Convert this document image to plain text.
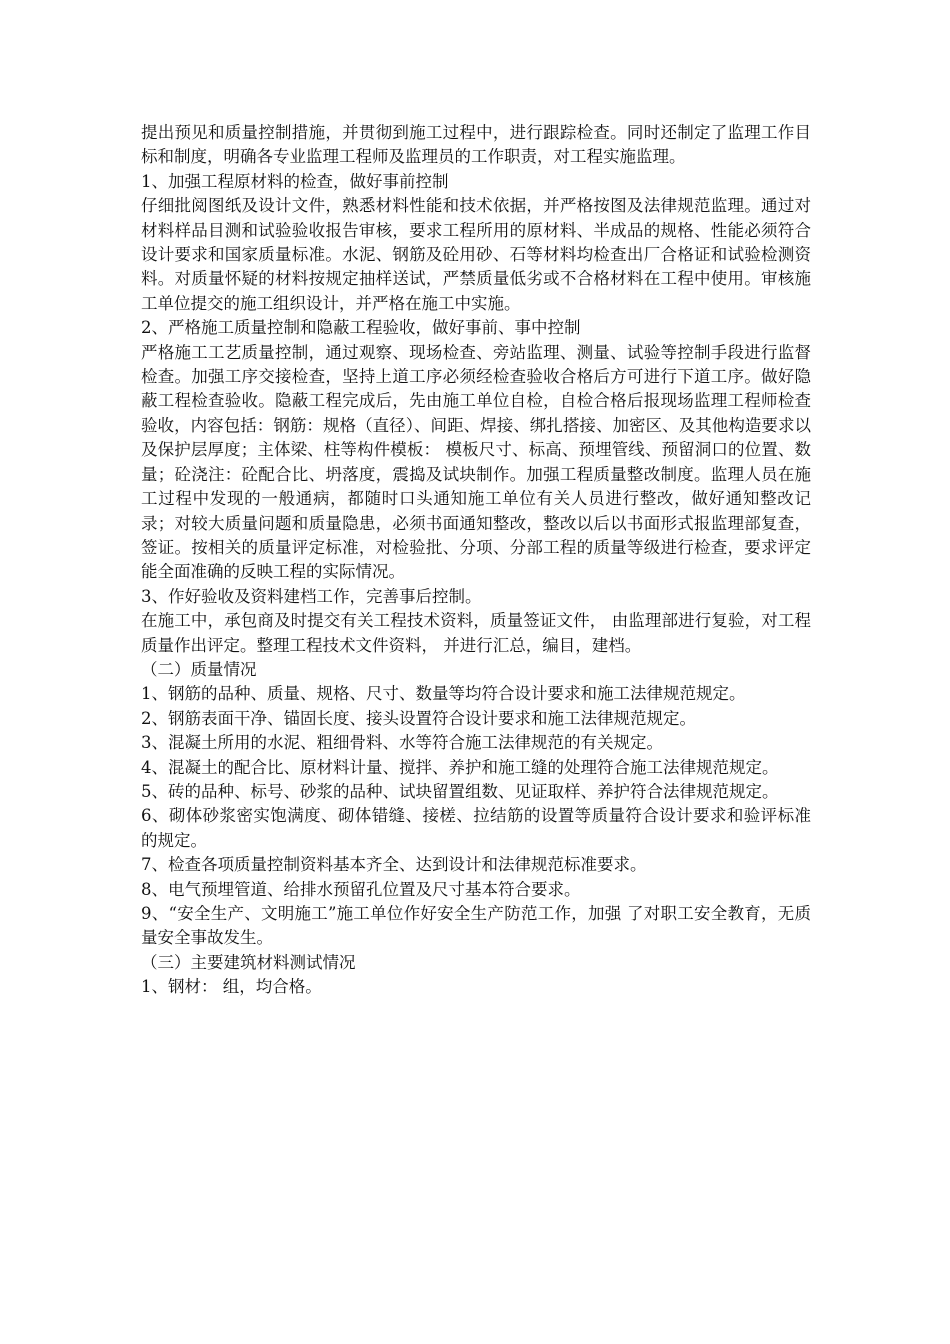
提出预见和质量控制措施，并贯彻到施工过程中，进行跟踪检查。同时还制定了监理工作目标和制度，明确各专业监理工程师及监理员的工作职责，对工程实施监理。

1、加强工程原材料的检查，做好事前控制

仔细批阅图纸及设计文件，熟悉材料性能和技术依据，并严格按图及法律规范监理。通过对材料样品目测和试验验收报告审核，要求工程所用的原材料、半成品的规格、性能必须符合设计要求和国家质量标准。水泥、钢筋及砼用砂、石等材料均检查出厂合格证和试验检测资料。对质量怀疑的材料按规定抽样送试，严禁质量低劣或不合格材料在工程中使用。审核施工单位提交的施工组织设计，并严格在施工中实施。

2、严格施工质量控制和隐蔽工程验收，做好事前、事中控制

严格施工工艺质量控制，通过观察、现场检查、旁站监理、测量、试验等控制手段进行监督检查。加强工序交接检查，坚持上道工序必须经检查验收合格后方可进行下道工序。做好隐蔽工程检查验收。隐蔽工程完成后，先由施工单位自检，自检合格后报现场监理工程师检查验收，内容包括：钢筋：规格（直径）、间距、焊接、绑扎搭接、加密区、及其他构造要求以及保护层厚度；主体梁、柱等构件模板： 模板尺寸、标高、预埋管线、预留洞口的位置、数量；砼浇注：砼配合比、坍落度，震捣及试块制作。加强工程质量整改制度。监理人员在施工过程中发现的一般通病，都随时口头通知施工单位有关人员进行整改，做好通知整改记录；对较大质量问题和质量隐患，必须书面通知整改，整改以后以书面形式报监理部复查，签证。按相关的质量评定标准，对检验批、分项、分部工程的质量等级进行检查，要求评定能全面准确的反映工程的实际情况。

3、作好验收及资料建档工作，完善事后控制。

在施工中，承包商及时提交有关工程技术资料，质量签证文件， 由监理部进行复验，对工程质量作出评定。整理工程技术文件资料， 并进行汇总，编目，建档。

（二）质量情况

1、钢筋的品种、质量、规格、尺寸、数量等均符合设计要求和施工法律规范规定。

2、钢筋表面干净、锚固长度、接头设置符合设计要求和施工法律规范规定。

3、混凝土所用的水泥、粗细骨料、水等符合施工法律规范的有关规定。

4、混凝土的配合比、原材料计量、搅拌、养护和施工缝的处理符合施工法律规范规定。

5、砖的品种、标号、砂浆的品种、试块留置组数、见证取样、养护符合法律规范规定。

6、砌体砂浆密实饱满度、砌体错缝、接槎、拉结筋的设置等质量符合设计要求和验评标准的规定。

7、检查各项质量控制资料基本齐全、达到设计和法律规范标准要求。

8、电气预埋管道、给排水预留孔位置及尺寸基本符合要求。

9、“安全生产、文明施工”施工单位作好安全生产防范工作，加强 了对职工安全教育，无质量安全事故发生。

（三）主要建筑材料测试情况

1、钢材： 组，均合格。
